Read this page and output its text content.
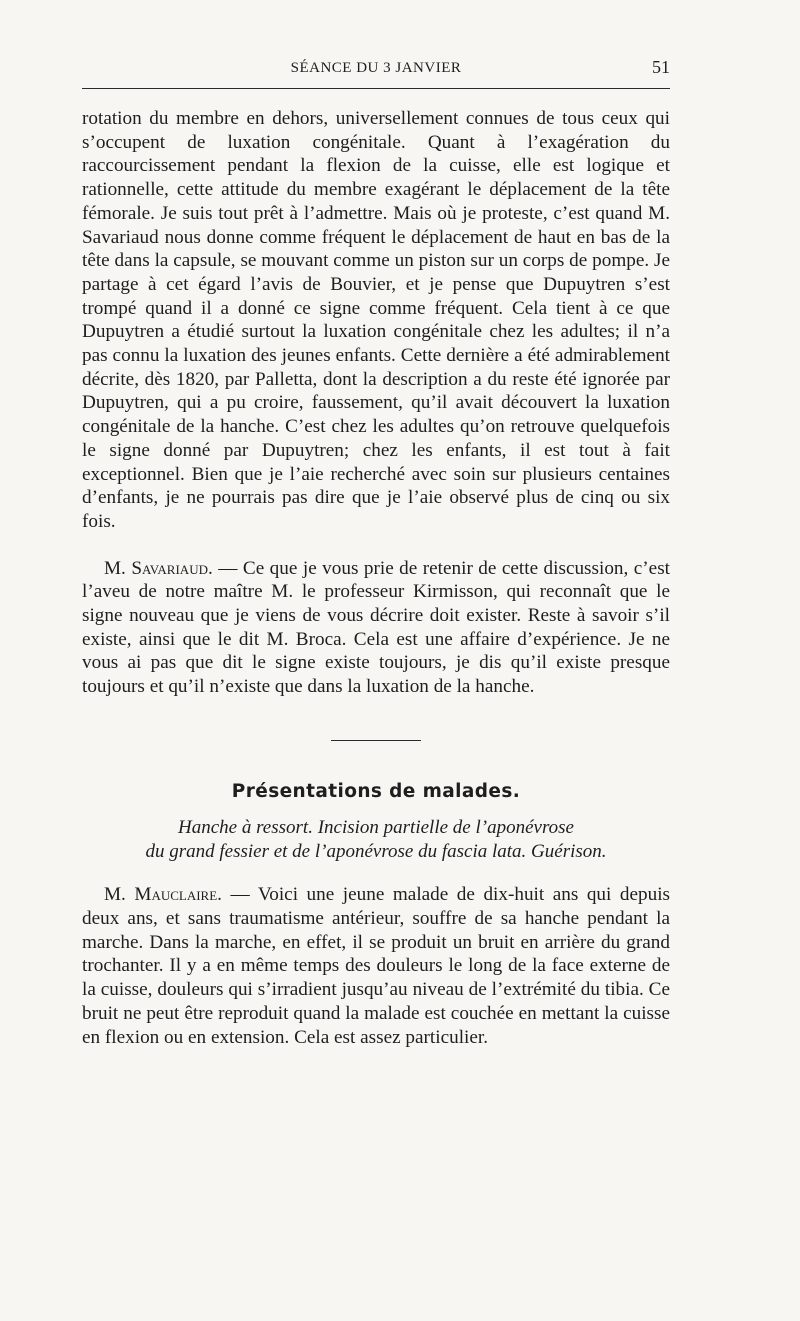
SÉANCE DU 3 JANVIER	51

rotation du membre en dehors, universellement connues de tous ceux qui s’occupent de luxation congénitale. Quant à l’exagération du raccourcissement pendant la flexion de la cuisse, elle est logique et rationnelle, cette attitude du membre exagérant le déplacement de la tête fémorale. Je suis tout prêt à l’admettre. Mais où je proteste, c’est quand M. Savariaud nous donne comme fréquent le déplacement de haut en bas de la tête dans la capsule, se mouvant comme un piston sur un corps de pompe. Je partage à cet égard l’avis de Bouvier, et je pense que Dupuytren s’est trompé quand il a donné ce signe comme fréquent. Cela tient à ce que Dupuytren a étudié surtout la luxation congénitale chez les adultes; il n’a pas connu la luxation des jeunes enfants. Cette dernière a été admirablement décrite, dès 1820, par Palletta, dont la description a du reste été ignorée par Dupuytren, qui a pu croire, faussement, qu’il avait découvert la luxation congénitale de la hanche. C’est chez les adultes qu’on retrouve quelquefois le signe donné par Dupuytren; chez les enfants, il est tout à fait exceptionnel. Bien que je l’aie recherché avec soin sur plusieurs centaines d’enfants, je ne pourrais pas dire que je l’aie observé plus de cinq ou six fois.

M. Savariaud. — Ce que je vous prie de retenir de cette discussion, c’est l’aveu de notre maître M. le professeur Kirmisson, qui reconnaît que le signe nouveau que je viens de vous décrire doit exister. Reste à savoir s’il existe, ainsi que le dit M. Broca. Cela est une affaire d’expérience. Je ne vous ai pas que dit le signe existe toujours, je dis qu’il existe presque toujours et qu’il n’existe que dans la luxation de la hanche.

Présentations de malades.
Hanche à ressort. Incision partielle de l’aponévrose
du grand fessier et de l’aponévrose du fascia lata. Guérison.

M. Mauclaire. — Voici une jeune malade de dix-huit ans qui depuis deux ans, et sans traumatisme antérieur, souffre de sa hanche pendant la marche. Dans la marche, en effet, il se produit un bruit en arrière du grand trochanter. Il y a en même temps des douleurs le long de la face externe de la cuisse, douleurs qui s’irradient jusqu’au niveau de l’extrémité du tibia. Ce bruit ne peut être reproduit quand la malade est couchée en mettant la cuisse en flexion ou en extension. Cela est assez particulier.
